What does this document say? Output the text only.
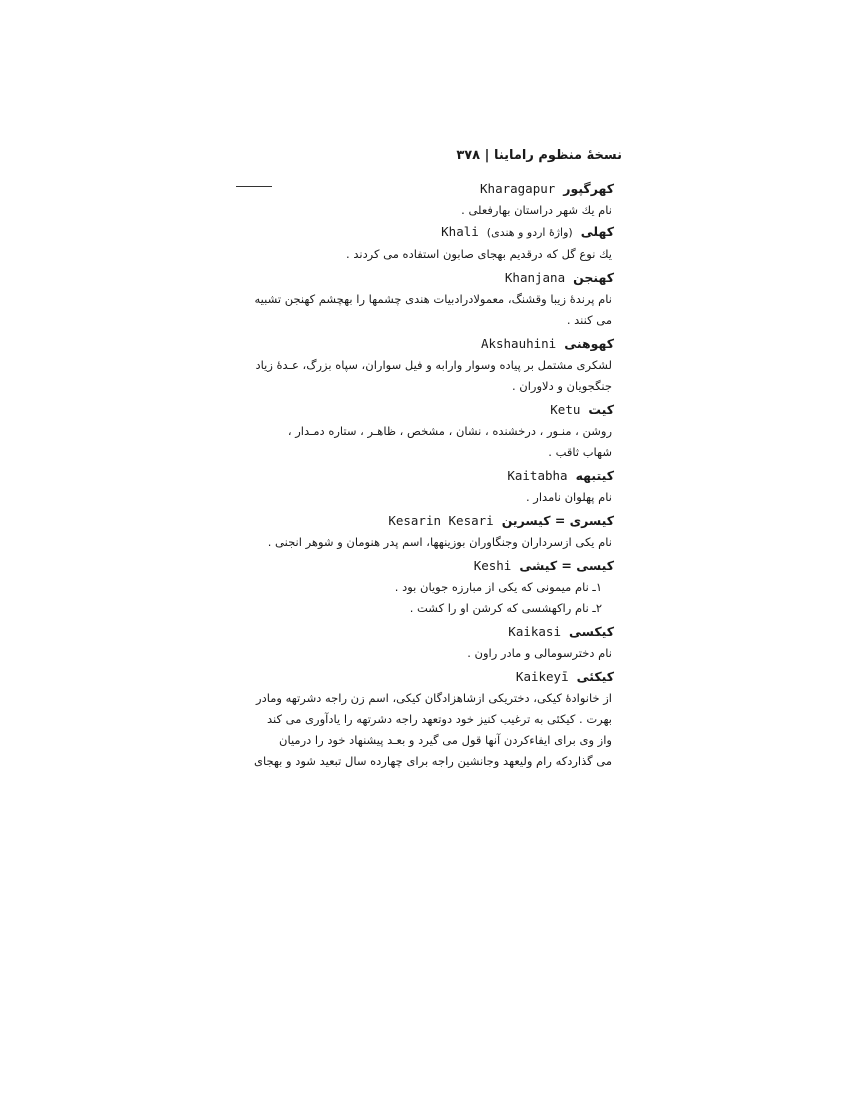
نسخهٔ منظوم راماینا | ۳۷۸
کهرگپور
Kharagapur
نام یك شهر دراستان بهارفعلی .
کهلی
(واژهٔ اردو و هندی)
Khali
یك نوع گل که درقدیم بهجای صابون استفاده می کردند .
کهنجن
Khanjana
نام پرندهٔ زیبا وقشنگ، معمولادرادبیات هندی چشمها را بهچشم کهنجن تشبیه
می کنند .
کهوهنی
Akshauhini
لشکری مشتمل بر پیاده وسوار وارابه و فیل سواران، سپاه بزرگ، عـدهٔ زیاد
جنگجویان و دلاوران .
کیت
Ketu
روشن ، منـور ، درخشنده ، نشان ، مشخص ، ظاهـر ، ستاره دمـدار ،
شهاب ثاقب .
کیتبهه
Kaitabha
نام پهلوان نامدار .
کیسری = کیسرین
Kesarin Kesari
نام یکی ازسرداران وجنگاوران بوزینهها، اسم پدر هنومان و شوهر انجنی .
کیسی = کیشی
Keshi
۱ـ نام میمونی که یکی از مبارزه جویان بود .
۲ـ نام راکهشسی که کرشن او را کشت .
کیکسی
Kaikasi
نام دخترسومالی و مادر راون .
کیکئی
Kaikeyī
از خانوادهٔ کیکی، دختریکی ازشاهزادگان کیکی، اسم زن راجه دشرتهه ومادر
بهرت . کیکئی به ترغیب کنیز خود دوتعهد راجه دشرتهه را یادآوری می کند
واز وی برای ایفاءکردن آنها قول می گیرد و بعـد پیشنهاد خود را درمیان
می گذاردکه رام ولیعهد وجانشین راجه برای چهارده سال تبعید شود و بهجای
